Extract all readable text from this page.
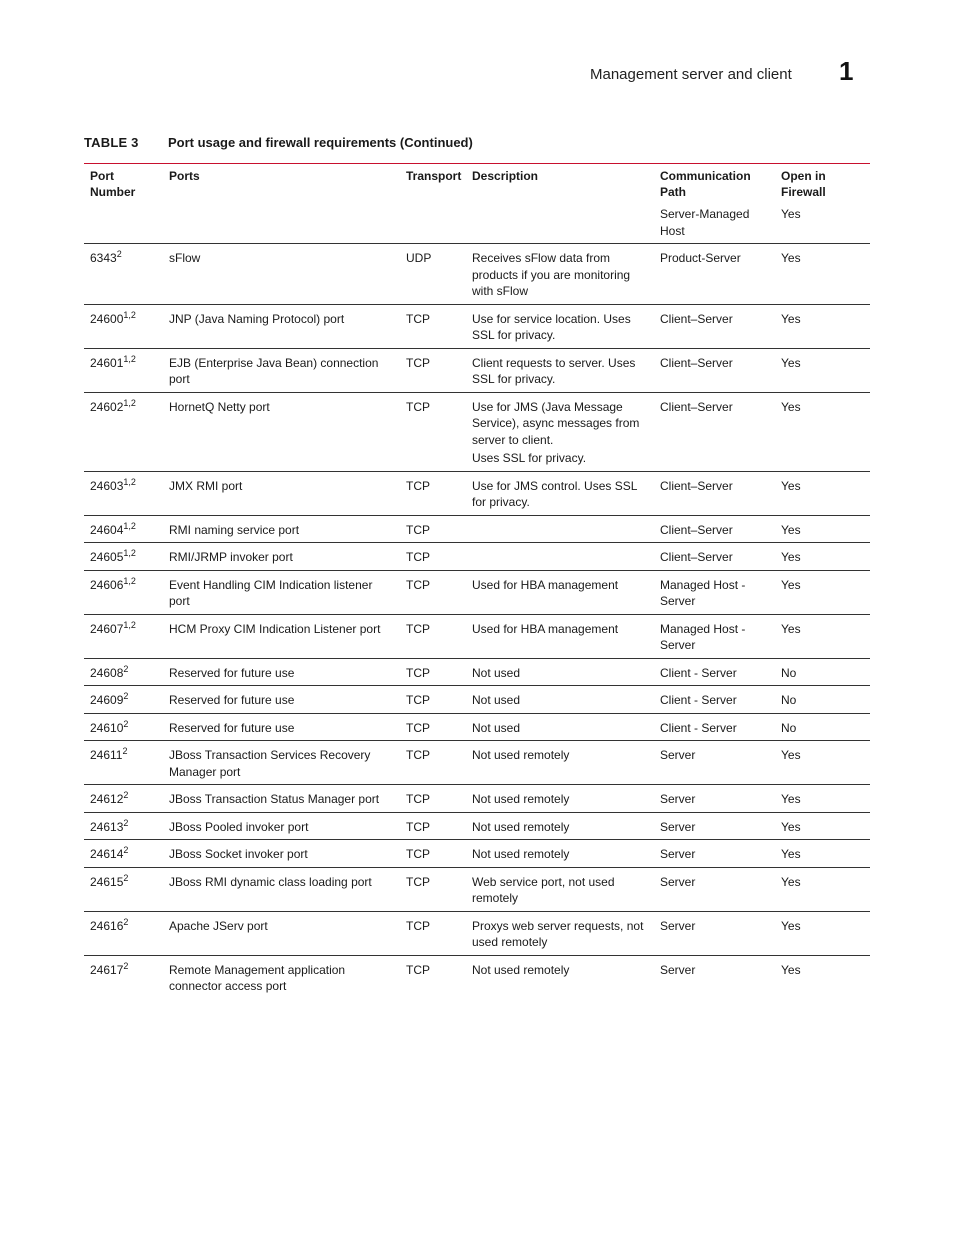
Management server and client 1
TABLE 3 Port usage and firewall requirements (Continued)
Port Number	Ports	Transport	Description	Communication Path	Open in Firewall
				Server-Managed Host	Yes
6343$^2$	sFlow	UDP	Receives sFlow data from products if you are monitoring with sFlow	Product-Server	Yes
24600$^{1,2}$	JNP (Java Naming Protocol) port	TCP	Use for service location. Uses SSL for privacy.	Client–Server	Yes
24601$^{1,2}$	EJB (Enterprise Java Bean) connection port	TCP	Client requests to server. Uses SSL for privacy.	Client–Server	Yes
24602$^{1,2}$	HornetQ Netty port	TCP	Use for JMS (Java Message Service), async messages from server to client.
Uses SSL for privacy.	Client–Server	Yes
24603$^{1,2}$	JMX RMI port	TCP	Use for JMS control. Uses SSL for privacy.	Client–Server	Yes
24604$^{1,2}$	RMI naming service port	TCP		Client–Server	Yes
24605$^{1,2}$	RMI/JRMP invoker port	TCP		Client–Server	Yes
24606$^{1,2}$	Event Handling CIM Indication listener port	TCP	Used for HBA management	Managed Host - Server	Yes
24607$^{1,2}$	HCM Proxy CIM Indication Listener port	TCP	Used for HBA management	Managed Host - Server	Yes
24608$^2$	Reserved for future use	TCP	Not used	Client - Server	No
24609$^2$	Reserved for future use	TCP	Not used	Client - Server	No
24610$^2$	Reserved for future use	TCP	Not used	Client - Server	No
24611$^2$	JBoss Transaction Services Recovery Manager port	TCP	Not used remotely	Server	Yes
24612$^2$	JBoss Transaction Status Manager port	TCP	Not used remotely	Server	Yes
24613$^2$	JBoss Pooled invoker port	TCP	Not used remotely	Server	Yes
24614$^2$	JBoss Socket invoker port	TCP	Not used remotely	Server	Yes
24615$^2$	JBoss RMI dynamic class loading port	TCP	Web service port, not used remotely	Server	Yes
24616$^2$	Apache JServ port	TCP	Proxys web server requests, not used remotely	Server	Yes
24617$^2$	Remote Management application connector access port	TCP	Not used remotely	Server	Yes
